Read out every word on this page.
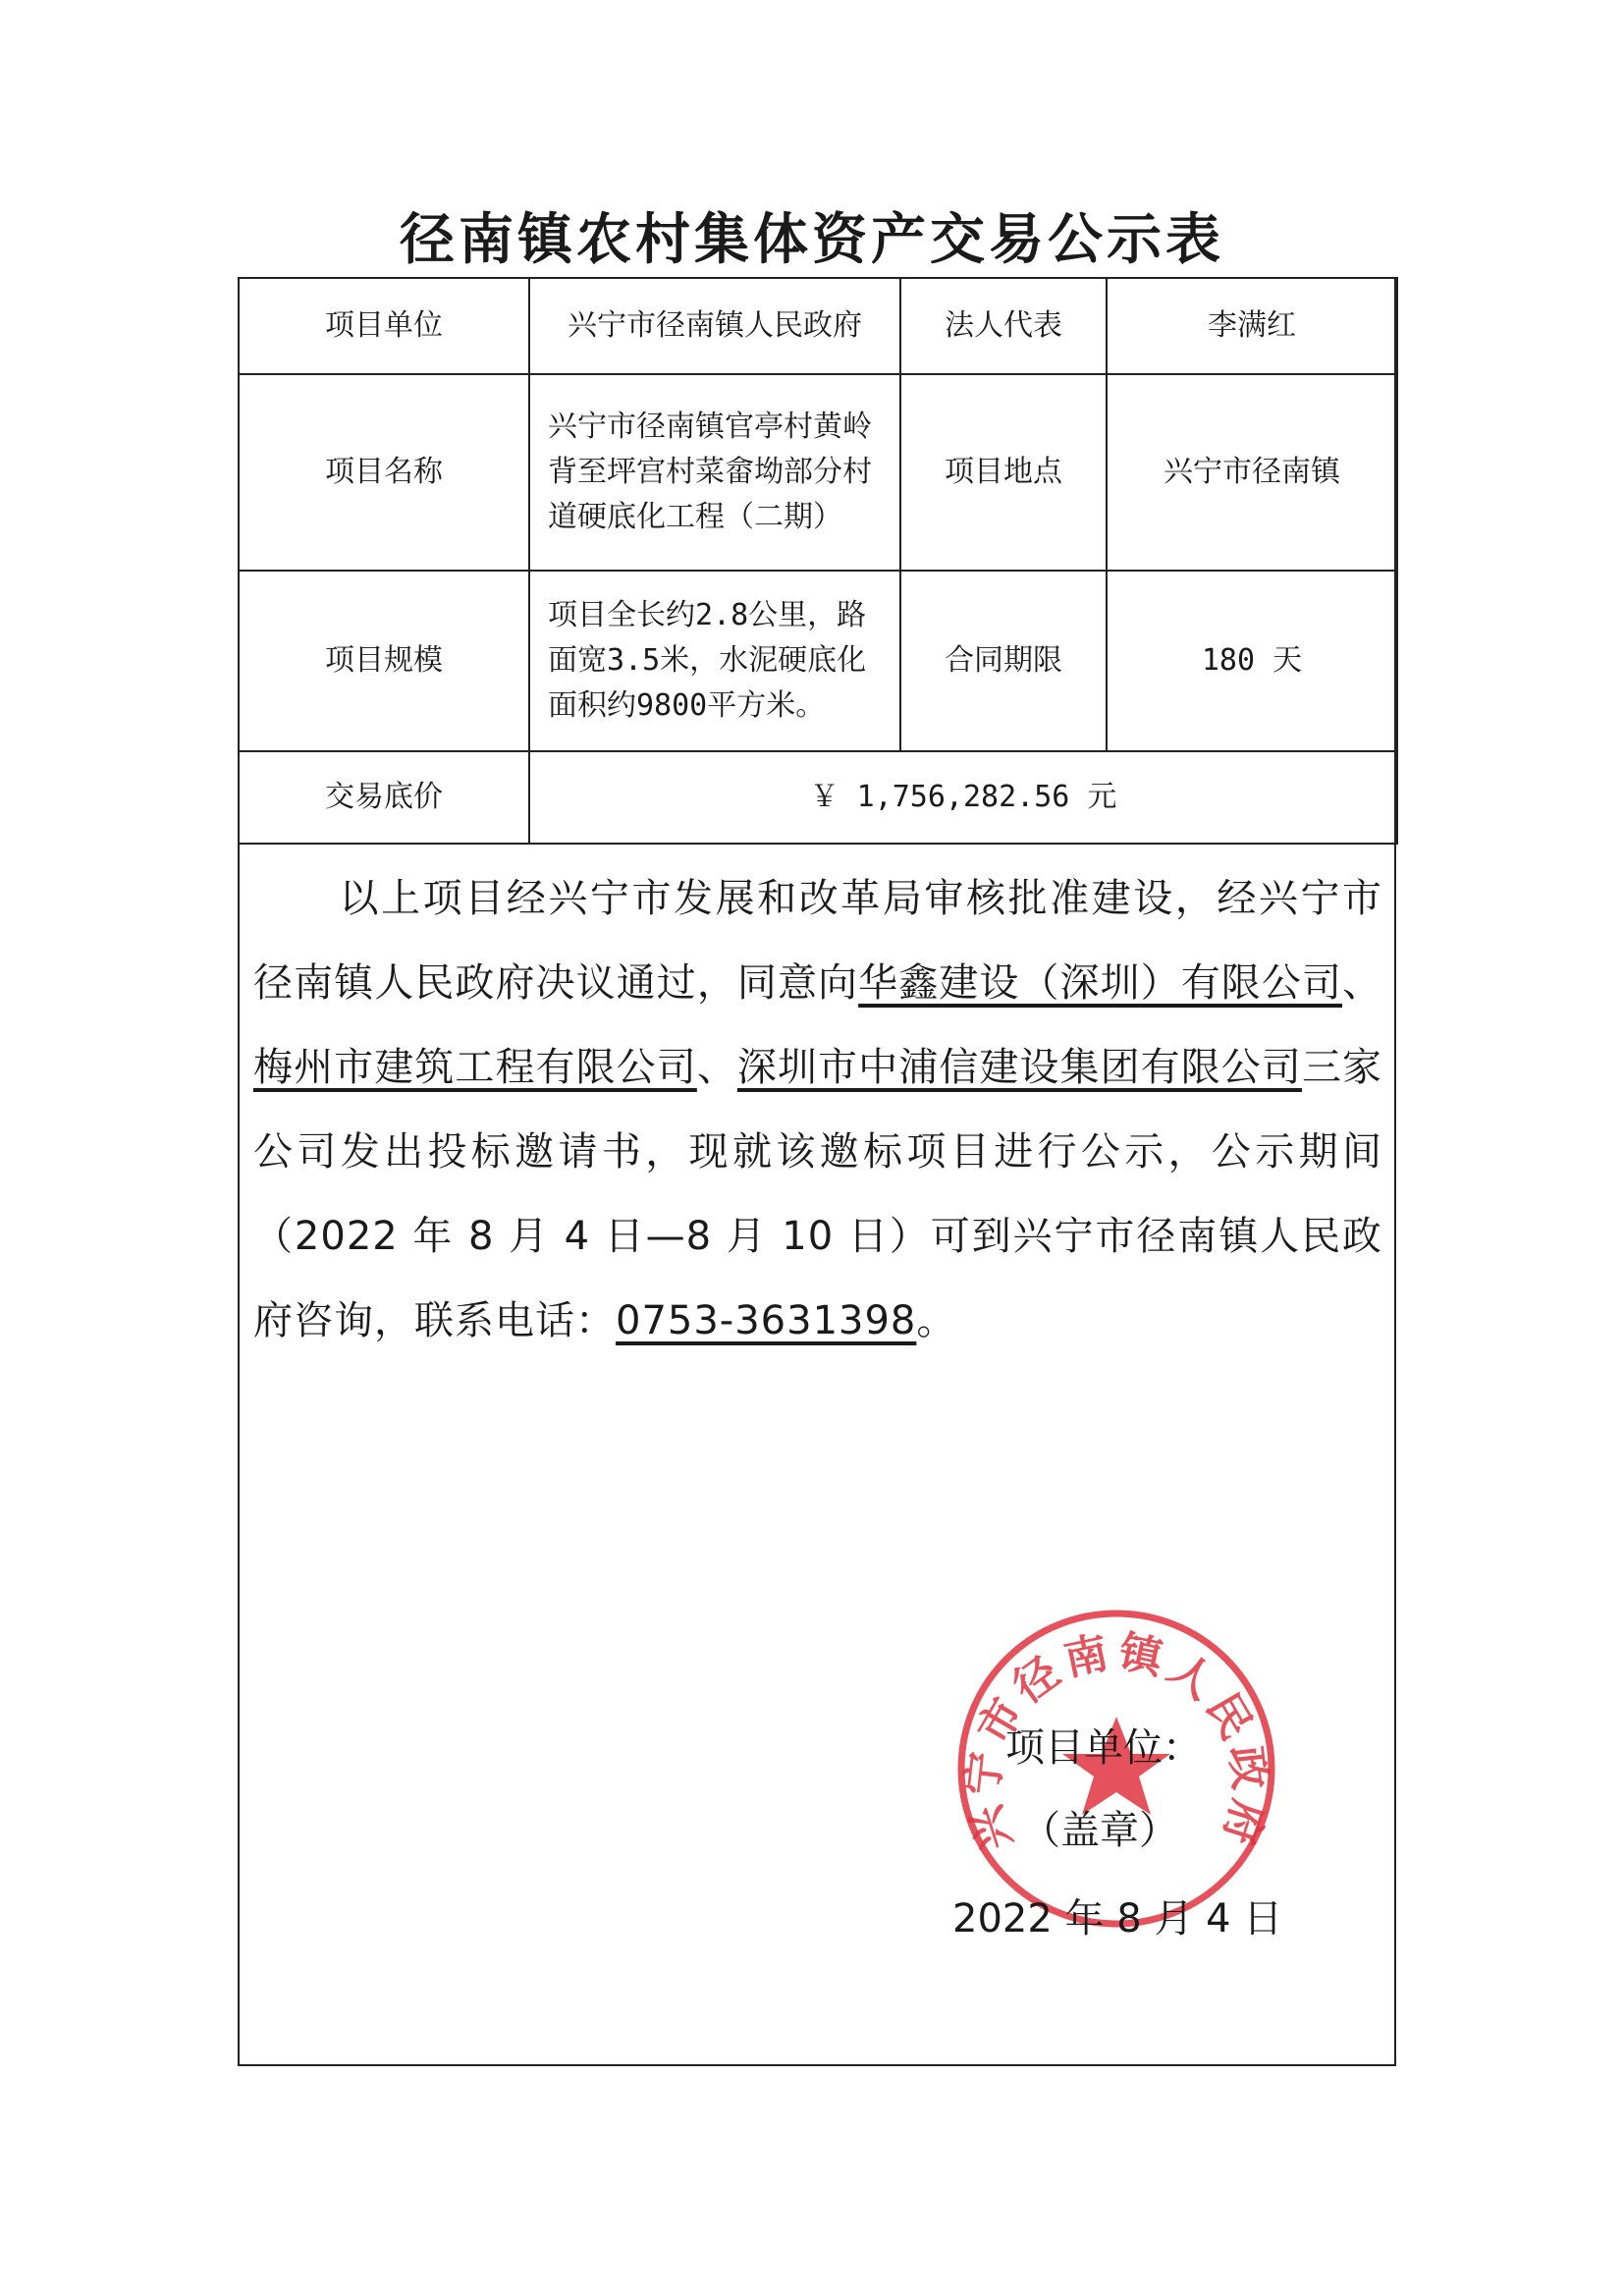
径南镇农村集体资产交易公示表
项目单位	兴宁市径南镇人民政府	法人代表	李满红
项目名称	兴宁市径南镇官亭村黄岭背至坪宫村菜畲坳部分村道硬底化工程（二期）	项目地点	兴宁市径南镇
项目规模	项目全长约2.8公里，路面宽3.5米，水泥硬底化面积约9800平方米。	合同期限	180 天
交易底价	￥ 1,756,282.56 元		
以上项目经兴宁市发展和改革局审核批准建设，经兴宁市径南镇人民政府决议通过，同意向华鑫建设（深圳）有限公司、梅州市建筑工程有限公司、深圳市中浦信建设集团有限公司三家公司发出投标邀请书，现就该邀标项目进行公示，公示期间（2022 年 8 月 4 日—8 月 10 日）可到兴宁市径南镇人民政府咨询，联系电话：0753-3631398。
兴宁市径南镇人民政府
项目单位：
（盖章）
2022 年 8 月 4 日
